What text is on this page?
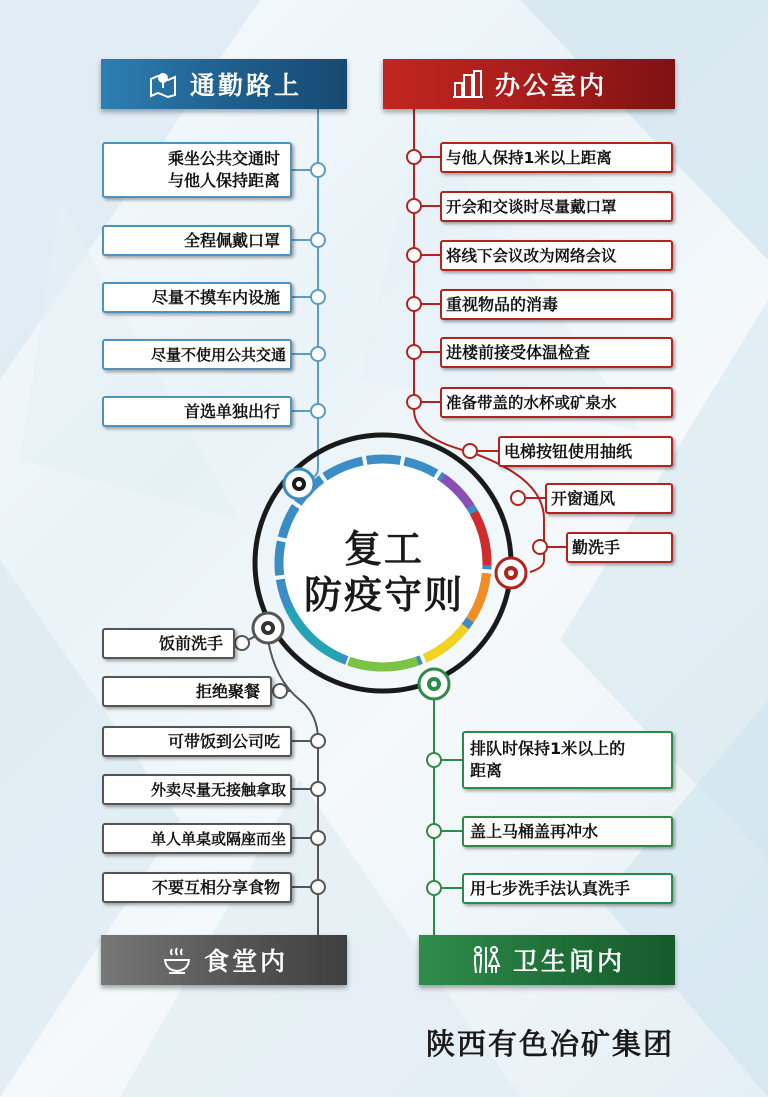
复工
防疫守则
通勤路上	办公室内
食堂内	卫生间内
乘坐公共交通时
与他人保持距离
全程佩戴口罩
尽量不摸车内设施
尽量不使用公共交通
首选单独出行
与他人保持1米以上距离
开会和交谈时尽量戴口罩
将线下会议改为网络会议
重视物品的消毒
进楼前接受体温检查
准备带盖的水杯或矿泉水
电梯按钮使用抽纸
开窗通风
勤洗手
饭前洗手
拒绝聚餐
可带饭到公司吃
外卖尽量无接触拿取
单人单桌或隔座而坐
不要互相分享食物
排队时保持1米以上的
距离
盖上马桶盖再冲水
用七步洗手法认真洗手
陕西有色冶矿集团
